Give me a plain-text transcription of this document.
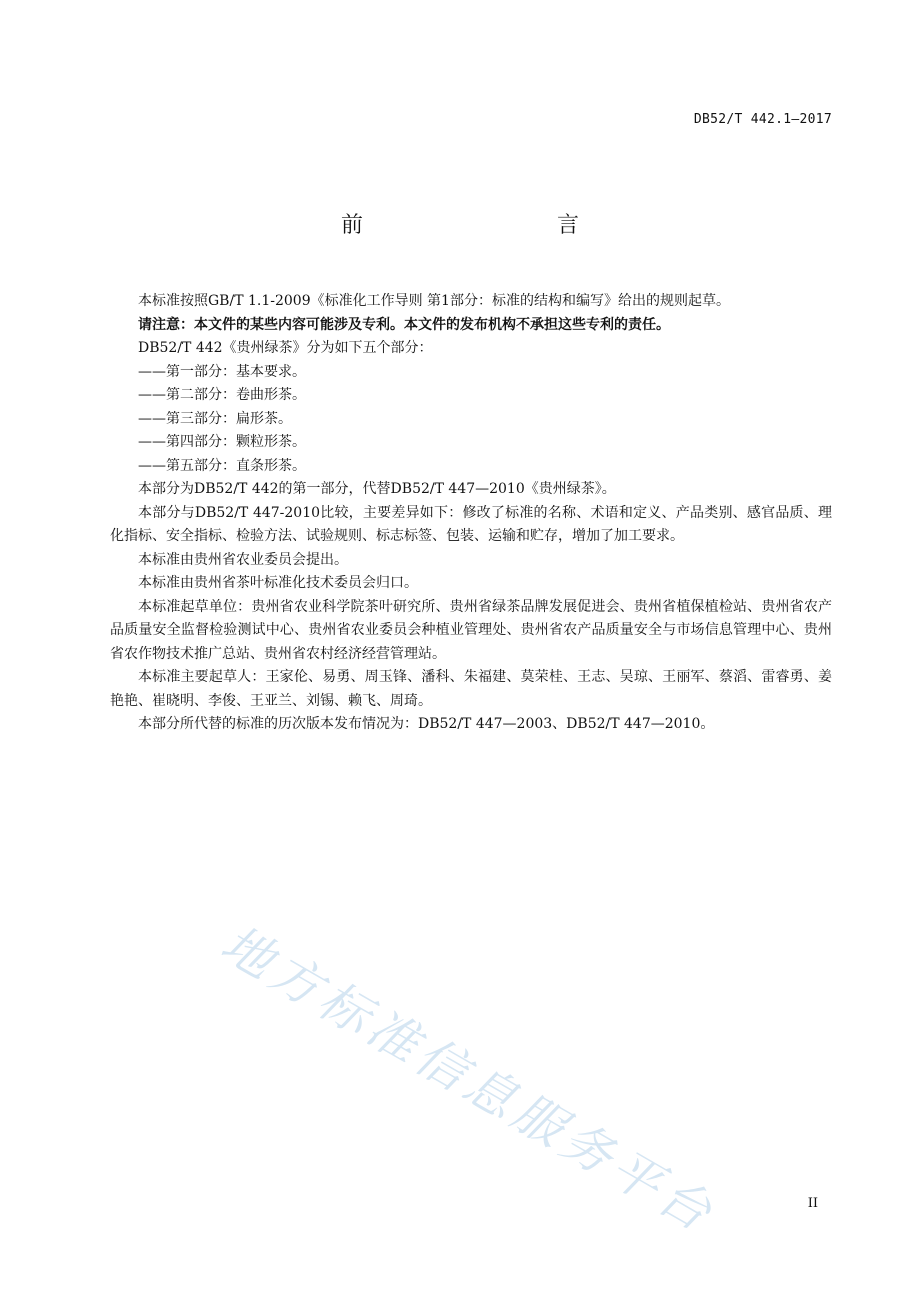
DB52/T 442.1—2017
前　　言

本标准按照GB/T 1.1-2009《标准化工作导则 第1部分：标准的结构和编写》给出的规则起草。

请注意：本文件的某些内容可能涉及专利。本文件的发布机构不承担这些专利的责任。

DB52/T 442《贵州绿茶》分为如下五个部分：

——第一部分：基本要求。

——第二部分：卷曲形茶。

——第三部分：扁形茶。

——第四部分：颗粒形茶。

——第五部分：直条形茶。

本部分为DB52/T 442的第一部分，代替DB52/T 447—2010《贵州绿茶》。

本部分与DB52/T 447-2010比较，主要差异如下：修改了标准的名称、术语和定义、产品类别、感官品质、理化指标、安全指标、检验方法、试验规则、标志标签、包装、运输和贮存，增加了加工要求。

本标准由贵州省农业委员会提出。

本标准由贵州省茶叶标准化技术委员会归口。

本标准起草单位：贵州省农业科学院茶叶研究所、贵州省绿茶品牌发展促进会、贵州省植保植检站、贵州省农产品质量安全监督检验测试中心、贵州省农业委员会种植业管理处、贵州省农产品质量安全与市场信息管理中心、贵州省农作物技术推广总站、贵州省农村经济经营管理站。

本标准主要起草人：王家伦、易勇、周玉锋、潘科、朱福建、莫荣桂、王志、吴琼、王丽军、蔡滔、雷睿勇、姜艳艳、崔晓明、李俊、王亚兰、刘锡、赖飞、周琦。

本部分所代替的标准的历次版本发布情况为：DB52/T 447—2003、DB52/T 447—2010。

地方标准信息服务平台	II
